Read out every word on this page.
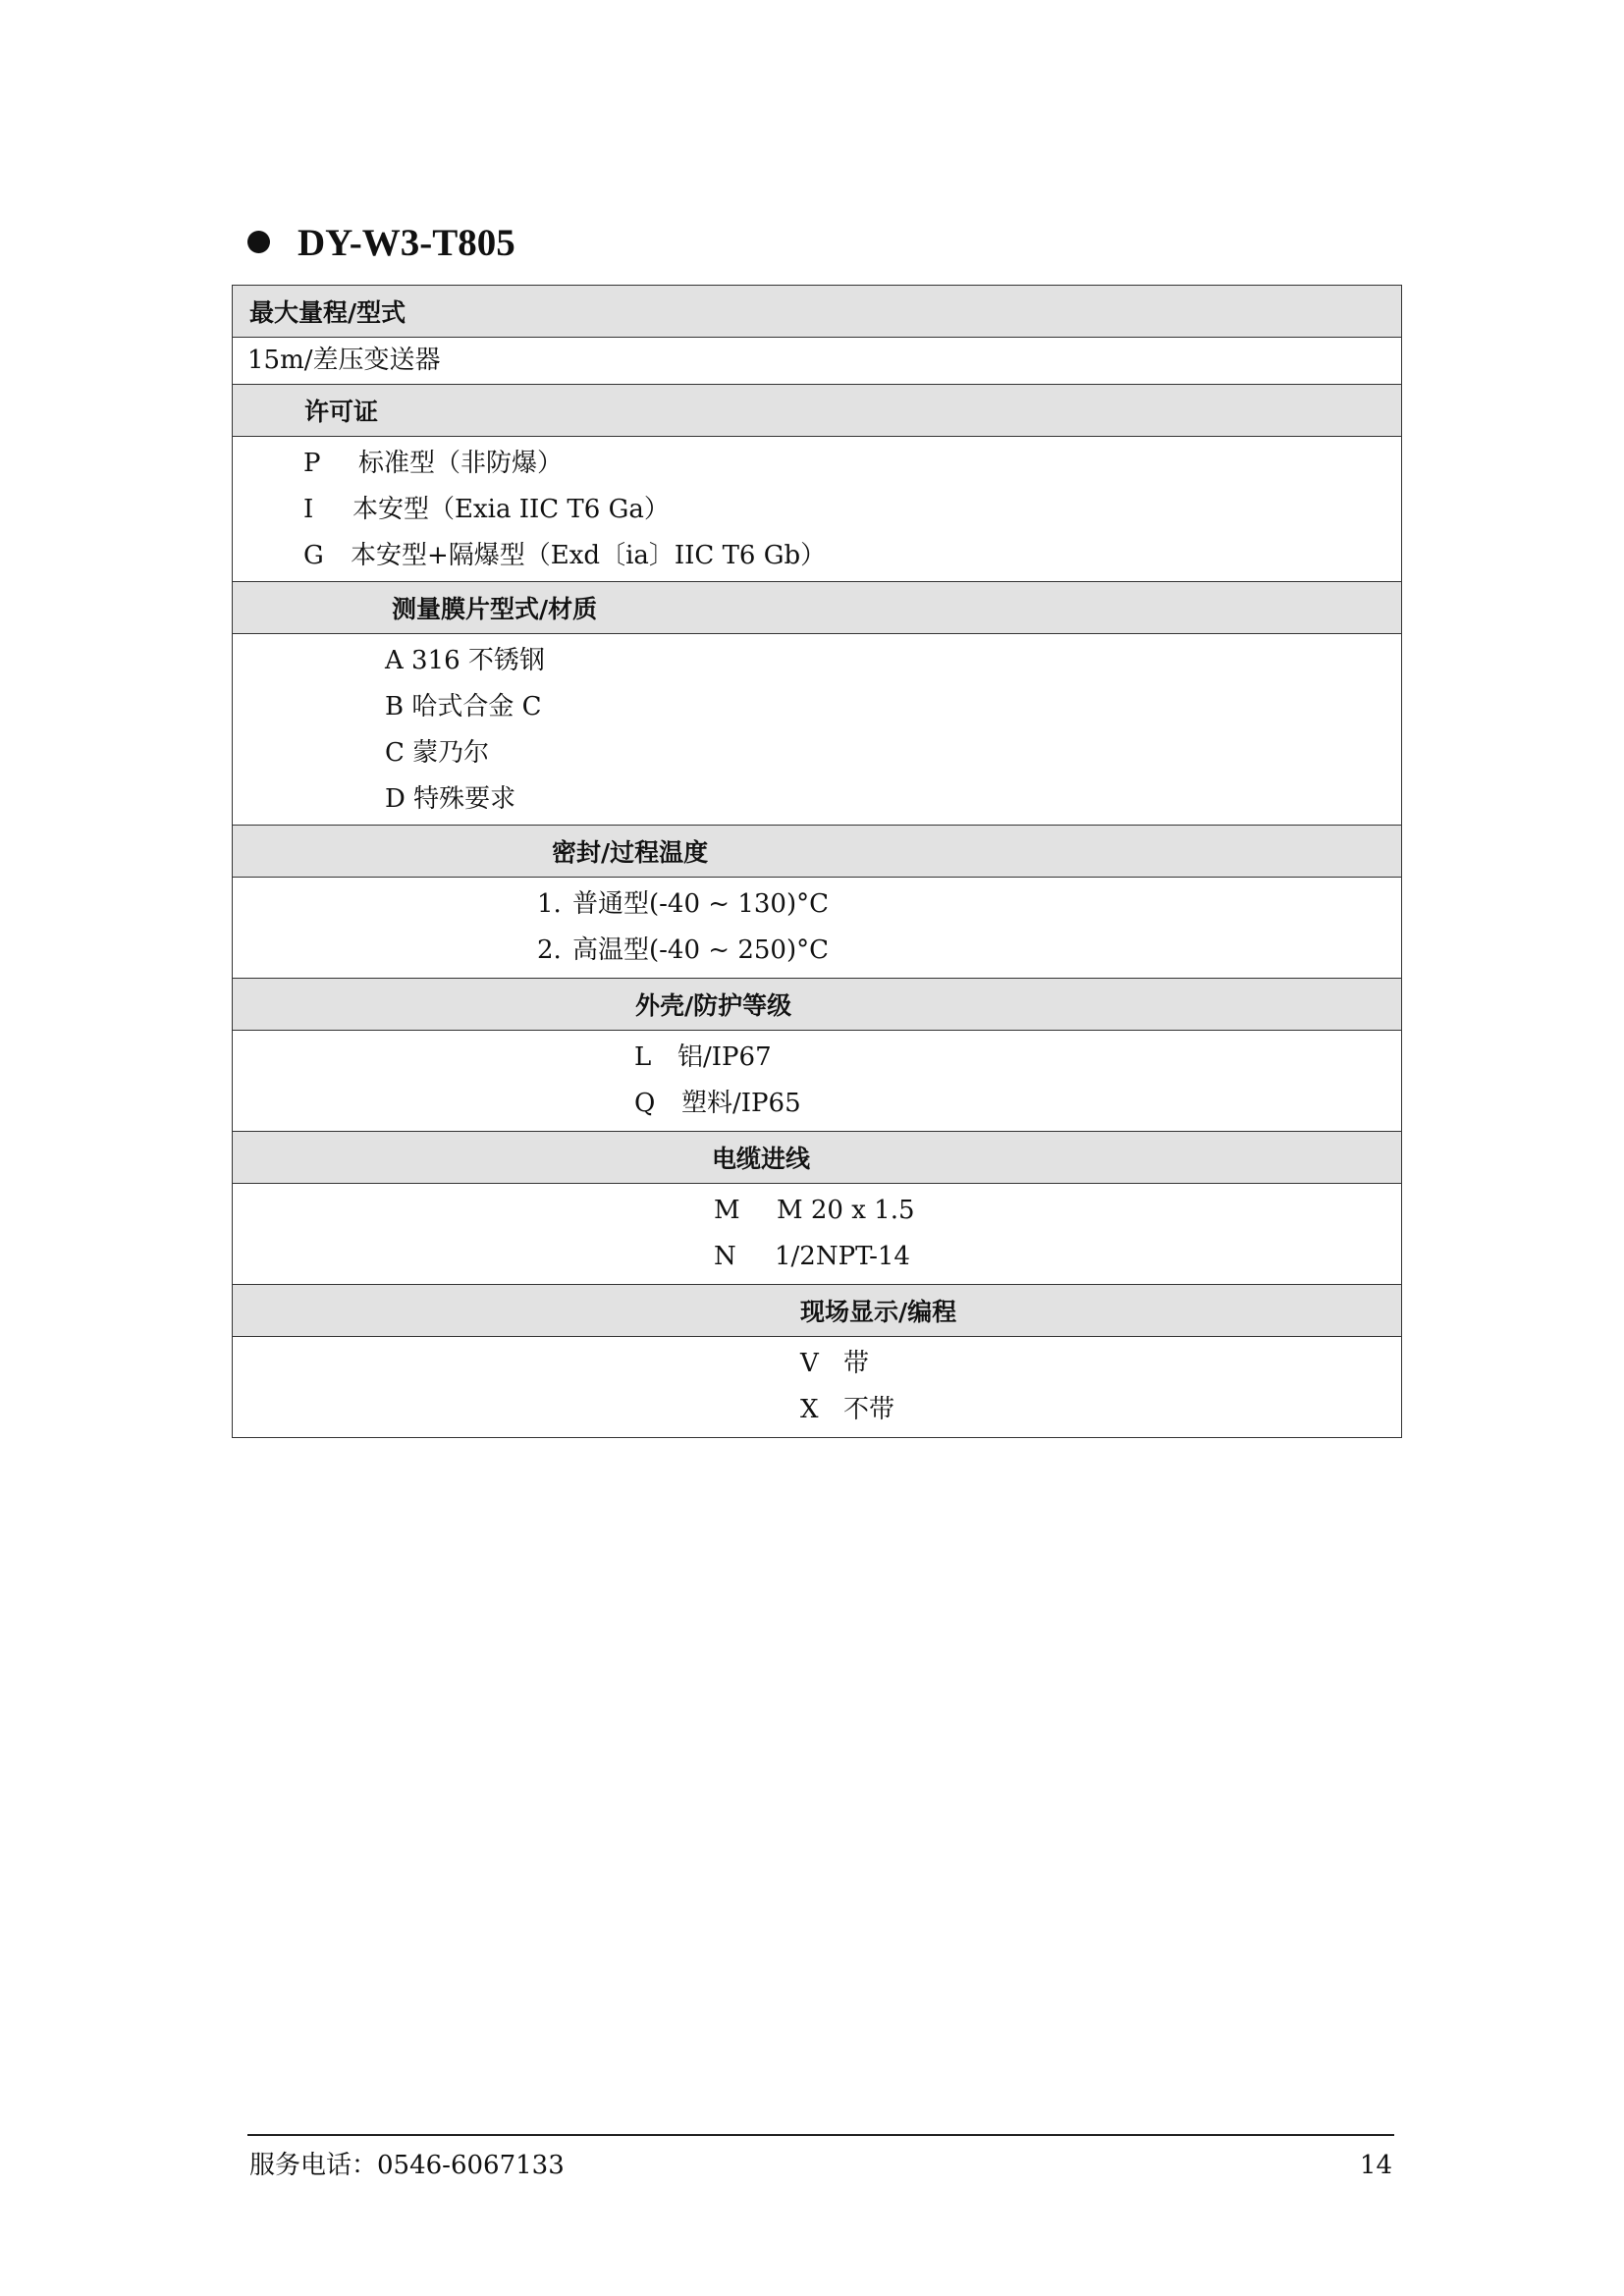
DY-W3-T805
最大量程/型式

15m/差压变送器

许可证

P 标准型（非防爆）
I 本安型（Exia IIC T6 Ga）
G 本安型+隔爆型（Exd〔ia〕IIC T6 Gb）

测量膜片型式/材质

A 316 不锈钢
B 哈式合金 C
C 蒙乃尔
D 特殊要求

密封/过程温度

1. 普通型(-40 ~ 130)°C
2. 高温型(-40 ~ 250)°C

外壳/防护等级

L 铝/IP67
Q 塑料/IP65

电缆进线

M M 20 x 1.5
N 1/2NPT-14

现场显示/编程

V 带
X 不带
服务电话：0546-6067133	14
